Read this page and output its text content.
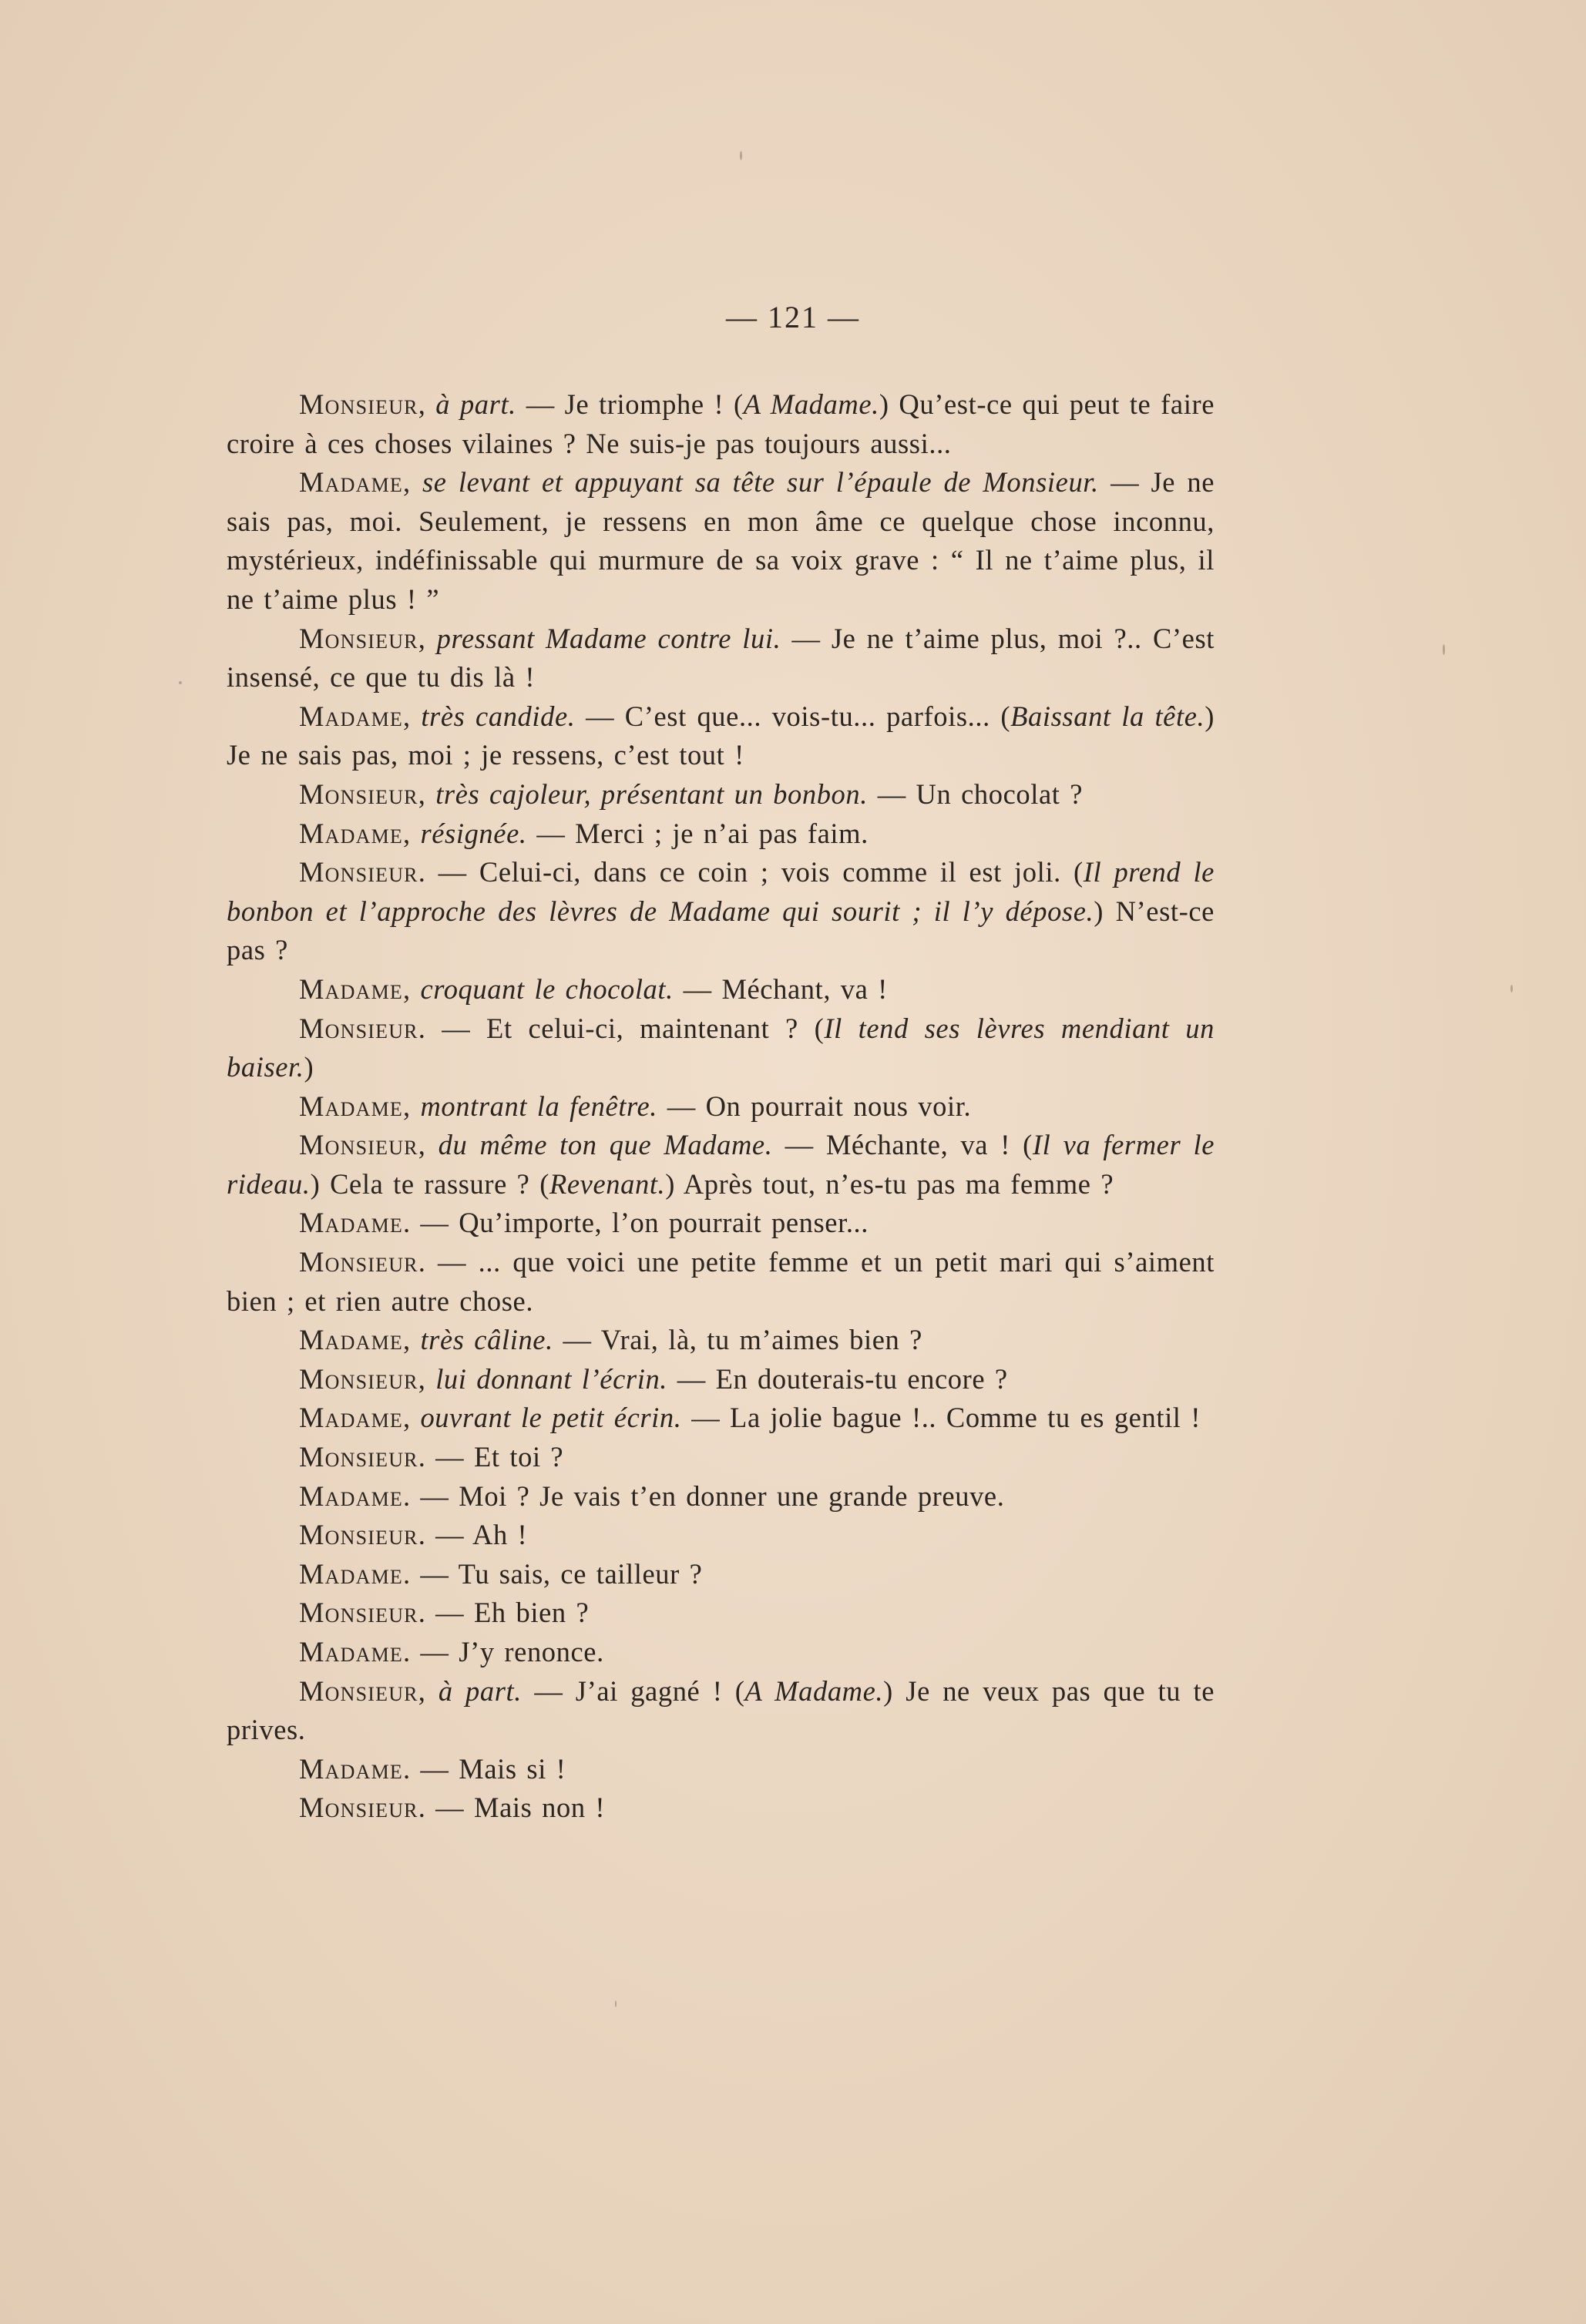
— 121 —

Monsieur, à part. — Je triomphe ! (A Madame.) Qu’est-ce qui peut te faire croire à ces choses vilaines ? Ne suis-je pas toujours aussi...

Madame, se levant et appuyant sa tête sur l’épaule de Monsieur. — Je ne sais pas, moi. Seulement, je ressens en mon âme ce quelque chose inconnu, mystérieux, indéfinissable qui murmure de sa voix grave : “ Il ne t’aime plus, il ne t’aime plus ! ”

Monsieur, pressant Madame contre lui. — Je ne t’aime plus, moi ?.. C’est insensé, ce que tu dis là !

Madame, très candide. — C’est que... vois-tu... parfois... (Baissant la tête.) Je ne sais pas, moi ; je ressens, c’est tout !

Monsieur, très cajoleur, présentant un bonbon. — Un chocolat ?

Madame, résignée. — Merci ; je n’ai pas faim.

Monsieur. — Celui-ci, dans ce coin ; vois comme il est joli. (Il prend le bonbon et l’approche des lèvres de Madame qui sourit ; il l’y dépose.) N’est-ce pas ?

Madame, croquant le chocolat. — Méchant, va !

Monsieur. — Et celui-ci, maintenant ? (Il tend ses lèvres mendiant un baiser.)

Madame, montrant la fenêtre. — On pourrait nous voir.

Monsieur, du même ton que Madame. — Méchante, va ! (Il va fermer le rideau.) Cela te rassure ? (Revenant.) Après tout, n’es-tu pas ma femme ?

Madame. — Qu’importe, l’on pourrait penser...

Monsieur. — ... que voici une petite femme et un petit mari qui s’aiment bien ; et rien autre chose.

Madame, très câline. — Vrai, là, tu m’aimes bien ?

Monsieur, lui donnant l’écrin. — En douterais-tu encore ?

Madame, ouvrant le petit écrin. — La jolie bague !.. Comme tu es gentil !

Monsieur. — Et toi ?

Madame. — Moi ? Je vais t’en donner une grande preuve.

Monsieur. — Ah !

Madame. — Tu sais, ce tailleur ?

Monsieur. — Eh bien ?

Madame. — J’y renonce.

Monsieur, à part. — J’ai gagné ! (A Madame.) Je ne veux pas que tu te prives.

Madame. — Mais si !

Monsieur. — Mais non !
